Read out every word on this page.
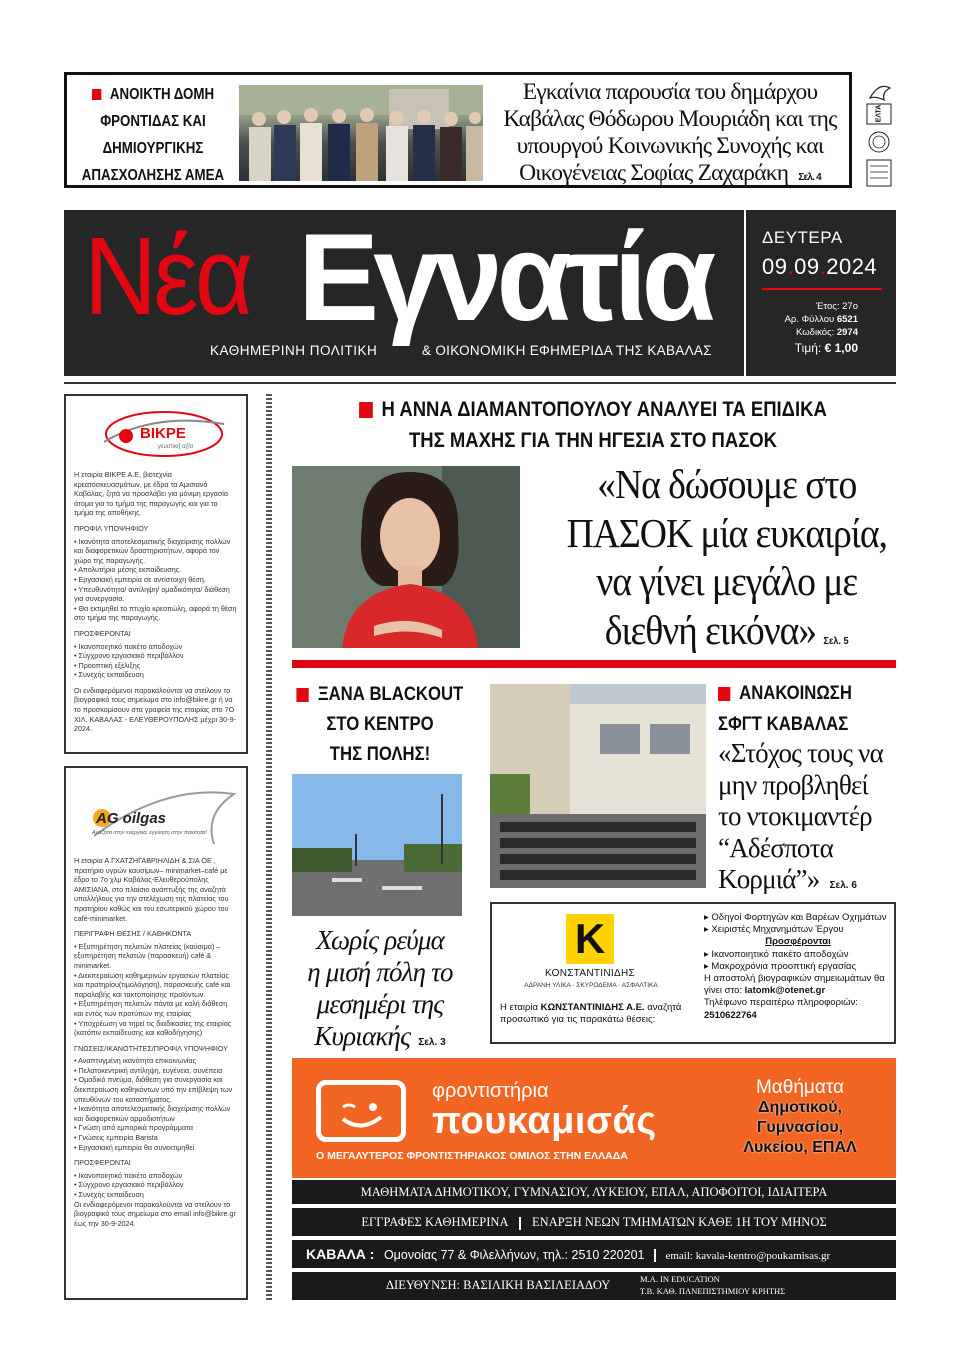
ΑΝΟΙΚΤΗ ΔΟΜΗ
ΦΡΟΝΤΙΔΑΣ ΚΑΙ
ΔΗΜΙΟΥΡΓΙΚΗΣ
ΑΠΑΣΧΟΛΗΣΗΣ ΑΜΕΑ
Εγκαίνια παρουσία του δημάρχου
Καβάλας Θόδωρου Μουριάδη και της
υπουργού Κοινωνικής Συνοχής και
Οικογένειας Σοφίας Ζαχαράκη Σελ. 4
ΕΛΤΑ
Νέα Εγνατία
ΚΑΘΗΜΕΡΙΝΗ ΠΟΛΙΤΙΚΗ	& ΟΙΚΟΝΟΜΙΚΗ ΕΦΗΜΕΡΙΔΑ ΤΗΣ ΚΑΒΑΛΑΣ
ΔΕΥΤΕΡΑ
09.09.2024
Έτος: 27ο
Αρ. Φύλλου 6521
Κωδικός: 2974
Τιμή: € 1,00
ΒΙΚΡΕ
γευστική αξία

Η εταιρία ΒΙΚΡΕ Α.Ε, βιοτεχνία κρεατοσκευασμάτων, με έδρα τα Αμισιανά Καβάλας, ζητά να προσλάβει για μόνιμη εργασία άτομα για το τμήμα της παραγωγής και για το τμήμα της αποθήκης.

ΠΡΟΦΙΛ ΥΠΟΨΗΦΙΟΥ

• Ικανότητα αποτελεσματικής διαχείρισης πολλών και διαφορετικών δραστηριοτήτων, αφορά τον χώρο της παραγωγής.

• Απολυτήριο μέσης εκπαίδευσης.

• Εργασιακή εμπειρία σε αντίστοιχη θέση.

• Υπευθυνότητα/ αντίληψη/ ομαδικότητα/ διάθεση για συνεργασία.

• Θα εκτιμηθεί το πτυχίο κρεοπώλη, αφορά τη θέση στο τμήμα της παραγωγής.

ΠΡΟΣΦΕΡΟΝΤΑΙ

• Ικανοποιητικό πακέτο αποδοχών

• Σύγχρονο εργασιακό περιβάλλον

• Προοπτική εξέλιξης

• Συνεχής εκπαίδευση

Οι ενδιαφερόμενοι παρακαλούνται να στείλουν το βιογραφικό τους σημείωμα στο info@bikre.gr ή να το προσκομίσουν στα γραφεία της εταιρίας στο 7Ο ΧΙΛ. ΚΑΒΑΛΑΣ - ΕΛΕΥΘΕΡΟΥΠΟΛΗΣ μέχρι 30-9-2024.

AG oilgas
Αναζήτα στην ενέργεια, εγγύηση στην ποιότητα!

Η εταιρία Α.ΓΧΑΤΖΗΓΑΒΡΙΗΛΙΔΗ & ΣΙΑ ΟΕ , πρατήριο υγρών καυσίμων– minimarket–café με έδρο το 7ο χλμ Καβάλας-Ελευθερούπολης ΑΜΙΣΙΑΝΑ, στο πλαίσιο ανάπτυξής της αναζητά υπαλλήλους για την στελέχωση της πλατείας του πρατηρίου καθώς και του εσωτερικού χώρου του café-minimarket.

ΠΕΡΙΓΡΑΦΗ ΘΕΣΗΣ / ΚΑΘΗΚΟΝΤΑ

• Εξυπηρέτηση πελατών πλατείας (καύσιμα) – εξυπηρέτηση πελατών (παρασκευή) café & minimarket.

• Διεκπεραίωση καθημερινών εργασιών πλατείας και πρατηρίου(τιμολόγηση), παρασκευής café και παραλαβής και τακτοποίησης προϊόντων.

• Εξυπηρέτηση πελατών πάντα με καλή διάθεση και εντός των προτύπων της εταιρίας

• Υποχρέωση να τηρεί τις διαδικασίες της εταιρίας (κατόπιν εκπαίδευσης και καθοδήγησης)

ΓΝΩΣΕΙΣ/ΙΚΑΝΟΤΗΤΕΣ/ΠΡΟΦΙΛ ΥΠΟΨΗΦΙΟΥ

• Αναπτυγμένη ικανότητα επικοινωνίας

• Πελατοκεντρική αντίληψη, ευγένεια, συνέπεια

• Ομαδικό πνεύμα, διάθεση για συνεργασία και διεκπεραίωση καθηκόντων υπό την επίβλεψη των υπευθύνων του καταστήματος.

• Ικανότητα αποτελεσματικής διαχείρισης πολλών και διαφορετικών αρμοδιοτήτων

• Γνώση από εμπορικά προγράμματα

• Γνώσεις εμπειρία Barista

• Εργασιακή εμπειρία θα συνεκτιμηθεί

ΠΡΟΣΦΕΡΟΝΤΑΙ

• Ικανοποιητικό πακέτο αποδοχών

• Σύγχρονο εργασιακό περιβάλλον

• Συνεχής εκπαίδευση

Οι ενδιαφερόμενοι παρακαλούνται να στείλουν το βιογραφικό τους σημείωμα στο email info@bikre.gr έως την 30-9-2024.

Η ΑΝΝΑ ΔΙΑΜΑΝΤΟΠΟΥΛΟΥ ΑΝΑΛΥΕΙ ΤΑ ΕΠΙΔΙΚΑ
ΤΗΣ ΜΑΧΗΣ ΓΙΑ ΤΗΝ ΗΓΕΣΙΑ ΣΤΟ ΠΑΣΟΚ
«Να δώσουμε στο
ΠΑΣΟΚ μία ευκαιρία,
να γίνει μεγάλο με
διεθνή εικόνα» Σελ. 5
ΞΑΝΑ BLACKOUT
ΣΤΟ ΚΕΝΤΡΟ
ΤΗΣ ΠΟΛΗΣ!
Χωρίς ρεύμα
η μισή πόλη το
μεσημέρι της
Κυριακής Σελ. 3
ΑΝΑΚΟΙΝΩΣΗ
ΣΦΓΤ ΚΑΒΑΛΑΣ
«Στόχος τους να
μην προβληθεί
το ντοκιμαντέρ
“Αδέσποτα
Κορμιά”» Σελ. 6
K
ΚΟΝΣΤΑΝΤΙΝΙΔΗΣ
ΑΔΡΑΝΗ ΥΛΙΚΑ · ΣΚΥΡΟΔΕΜΑ · ΑΣΦΑΛΤΙΚΑ
Η εταιρία ΚΩΝΣΤΑΝΤΙΝΙΔΗΣ Α.Ε. αναζητά προσωπικό για τις παρακάτω θέσεις:
▸ Οδηγοί Φορτηγών και Βαρέων Οχημάτων
▸ Χειριστές Μηχανημάτων Έργου
Προσφέρονται
▸ Ικανοποιητικό πακέτο αποδοχών
▸ Μακροχρόνια προοπτική εργασίας
Η αποστολή βιογραφικών σημειωμάτων θα γίνει στο: latomk@otenet.gr
Τηλέφωνο περαιτέρω πληροφοριών: 2510622764
φροντιστήρια
πουκαμισάς
Ο ΜΕΓΑΛΥΤΕΡΟΣ ΦΡΟΝΤΙΣΤΗΡΙΑΚΟΣ ΟΜΙΛΟΣ ΣΤΗΝ ΕΛΛΑΔΑ
Μαθήματα
Δημοτικού,
Γυμνασίου,
Λυκείου, ΕΠΑΛ
ΜΑΘΗΜΑΤΑ ΔΗΜΟΤΙΚΟΥ, ΓΥΜΝΑΣΙΟΥ, ΛΥΚΕΙΟΥ, ΕΠΑΛ, ΑΠΟΦΟΙΤΟΙ, ΙΔΙΑΙΤΕΡΑ
ΕΓΓΡΑΦΕΣ ΚΑΘΗΜΕΡΙΝΑ ΕΝΑΡΞΗ ΝΕΩΝ ΤΜΗΜΑΤΩΝ ΚΑΘΕ 1Η ΤΟΥ ΜΗΝΟΣ
ΚΑΒΑΛΑ : Ομονοίας 77 & Φιλελλήνων, τηλ.: 2510 220201 email: kavala-kentro@poukamisas.gr
ΔΙΕΥΘΥΝΣΗ: ΒΑΣΙΛΙΚΗ ΒΑΣΙΛΕΙΑΔΟΥ	M.A. IN EDUCATION
Τ.Β. ΚΑΘ. ΠΑΝΕΠΙΣΤΗΜΙΟΥ ΚΡΗΤΗΣ
